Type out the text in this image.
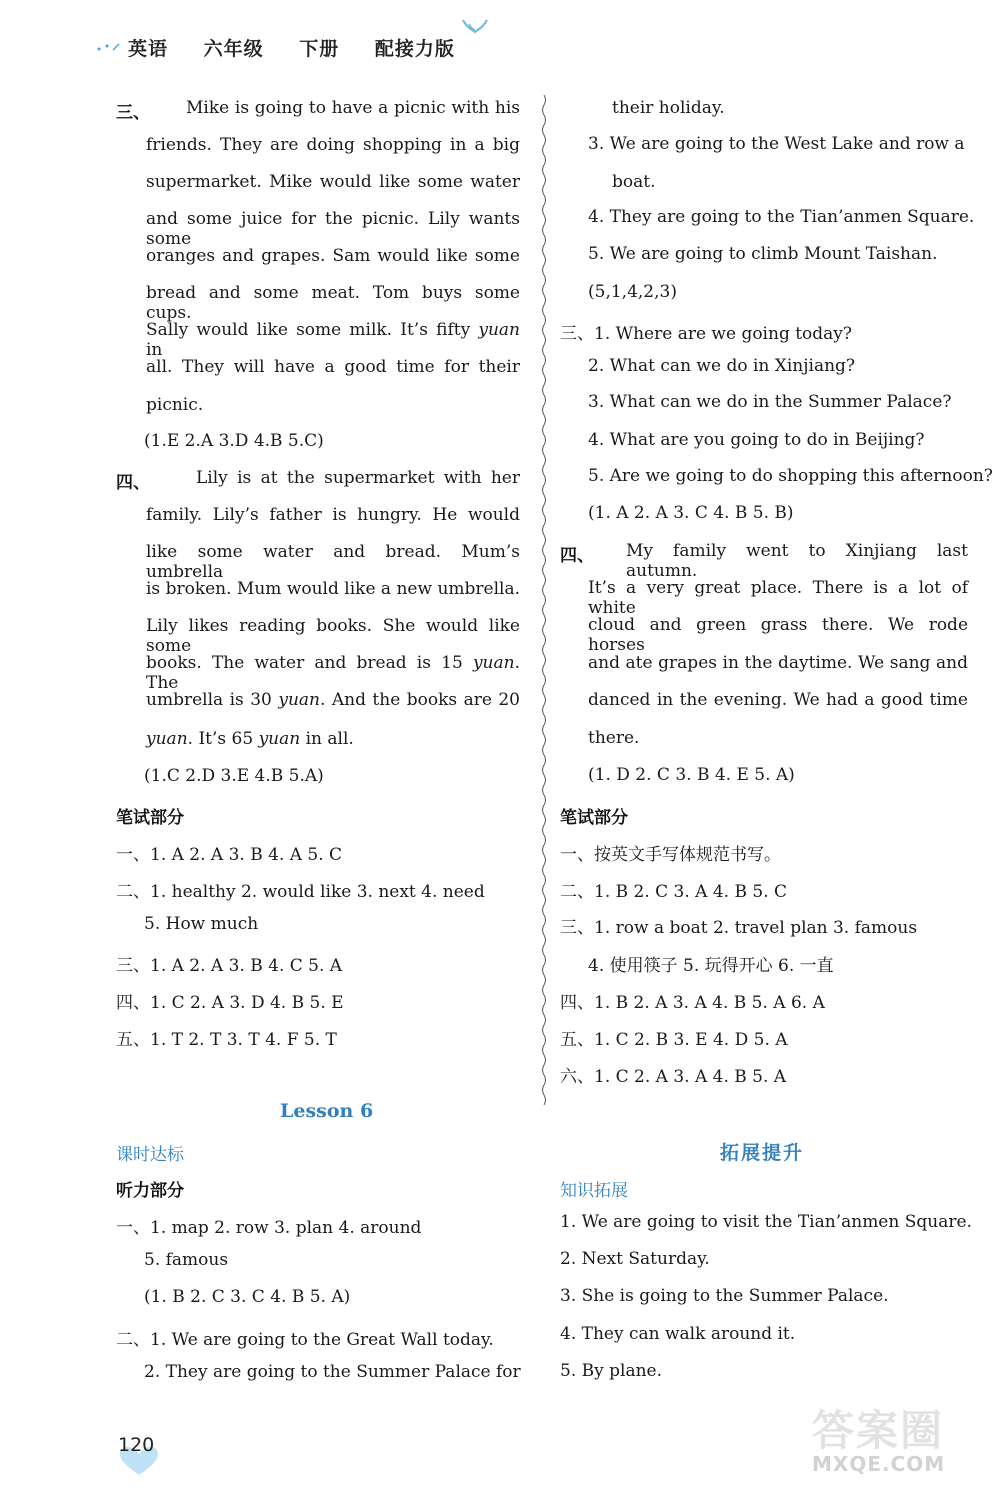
英语 六年级 下册 配接力版
三、 Mike is going to have a picnic with his
friends. They are doing shopping in a big
supermarket. Mike would like some water
and some juice for the picnic. Lily wants some
oranges and grapes. Sam would like some
bread and some meat. Tom buys some cups.
Sally would like some milk. It’s fifty yuan in
all. They will have a good time for their
picnic.
(1.E 2.A 3.D 4.B 5.C)
四、	Lily is at the supermarket with her
family. Lily’s father is hungry. He would
like some water and bread. Mum’s umbrella
is broken. Mum would like a new umbrella.
Lily likes reading books. She would like some
books. The water and bread is 15 yuan. The
umbrella is 30 yuan. And the books are 20
yuan. It’s 65 yuan in all.
(1.C 2.D 3.E 4.B 5.A)
笔试部分
一、1. A 2. A 3. B 4. A 5. C
二、1. healthy 2. would like 3. next 4. need
5. How much
三、1. A 2. A 3. B 4. C 5. A
四、1. C 2. A 3. D 4. B 5. E
五、1. T 2. T 3. T 4. F 5. T
Lesson 6
课时达标
听力部分
一、1. map 2. row 3. plan 4. around
5. famous
(1. B 2. C 3. C 4. B 5. A)
二、1. We are going to the Great Wall today.
2. They are going to the Summer Palace for
their holiday.
3. We are going to the West Lake and row a
boat.
4. They are going to the Tian’anmen Square.
5. We are going to climb Mount Taishan.
(5,1,4,2,3)
三、1. Where are we going today?
2. What can we do in Xinjiang?
3. What can we do in the Summer Palace?
4. What are you going to do in Beijing?
5. Are we going to do shopping this afternoon?
(1. A 2. A 3. C 4. B 5. B)
四、 My family went to Xinjiang last autumn.
It’s a very great place. There is a lot of white
cloud and green grass there. We rode horses
and ate grapes in the daytime. We sang and
danced in the evening. We had a good time
there.
(1. D 2. C 3. B 4. E 5. A)
笔试部分
一、按英文手写体规范书写。
二、1. B 2. C 3. A 4. B 5. C
三、1. row a boat 2. travel plan 3. famous
4. 使用筷子 5. 玩得开心 6. 一直
四、1. B 2. A 3. A 4. B 5. A 6. A
五、1. C 2. B 3. E 4. D 5. A
六、1. C 2. A 3. A 4. B 5. A
拓展提升
知识拓展
1. We are going to visit the Tian’anmen Square.
2. Next Saturday.
3. She is going to the Summer Palace.
4. They can walk around it.
5. By plane.
120	答案圈
MXQE.COM
